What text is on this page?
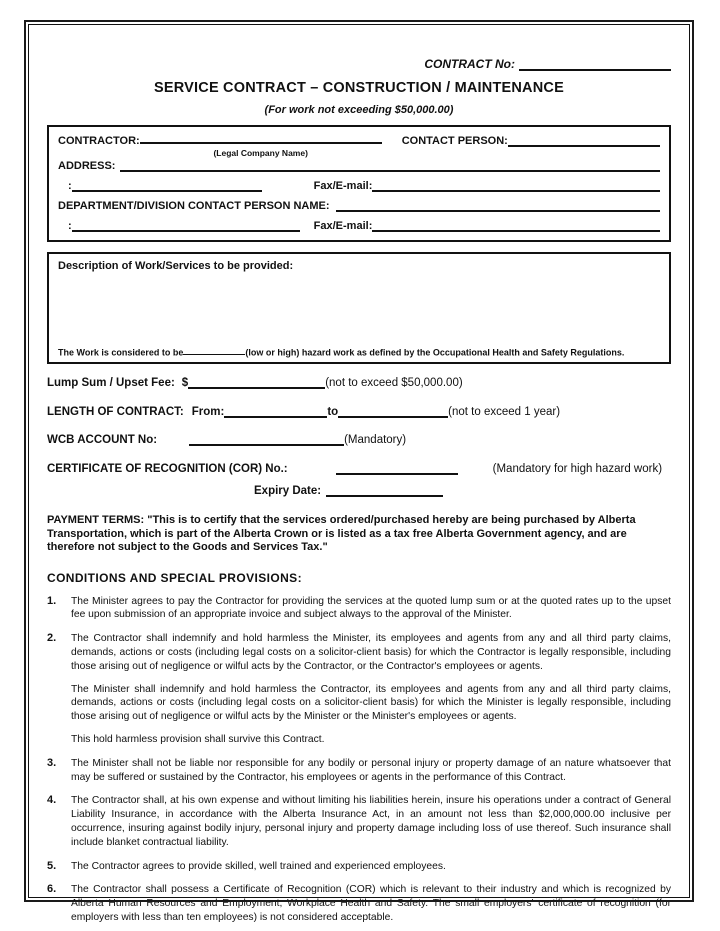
CONTRACT No:
SERVICE CONTRACT – CONSTRUCTION / MAINTENANCE
(For work not exceeding $50,000.00)
CONTRACTOR:
(Legal Company Name)
CONTACT PERSON:
ADDRESS:
:	Fax/E-mail:
DEPARTMENT/DIVISION CONTACT PERSON NAME:
:	Fax/E-mail:
Description of Work/Services to be provided:
The Work is considered to be	(low or high) hazard work as defined by the Occupational Health and Safety Regulations.
Lump Sum / Upset Fee: $	(not to exceed $50,000.00)
LENGTH OF CONTRACT: From:	to	(not to exceed 1 year)
WCB ACCOUNT No:	(Mandatory)
CERTIFICATE OF RECOGNITION (COR) No.:	(Mandatory for high hazard work)
Expiry Date:
PAYMENT TERMS: "This is to certify that the services ordered/purchased hereby are being purchased by Alberta Transportation, which is part of the Alberta Crown or is listed as a tax free Alberta Government agency, and are therefore not subject to the Goods and Services Tax."
CONDITIONS AND SPECIAL PROVISIONS:
1.	The Minister agrees to pay the Contractor for providing the services at the quoted lump sum or at the quoted rates up to the upset fee upon submission of an appropriate invoice and subject always to the approval of the Minister.
2.	The Contractor shall indemnify and hold harmless the Minister, its employees and agents from any and all third party claims, demands, actions or costs (including legal costs on a solicitor-client basis) for which the Contractor is legally responsible, including those arising out of negligence or wilful acts by the Contractor, or the Contractor's employees or agents.
The Minister shall indemnify and hold harmless the Contractor, its employees and agents from any and all third party claims, demands, actions or costs (including legal costs on a solicitor-client basis) for which the Minister is legally responsible, including those arising out of negligence or wilful acts by the Minister or the Minister's employees or agents.
This hold harmless provision shall survive this Contract.
3.	The Minister shall not be liable nor responsible for any bodily or personal injury or property damage of an nature whatsoever that may be suffered or sustained by the Contractor, his employees or agents in the performance of this Contract.
4.	The Contractor shall, at his own expense and without limiting his liabilities herein, insure his operations under a contract of General Liability Insurance, in accordance with the Alberta Insurance Act, in an amount not less than $2,000,000.00 inclusive per occurrence, insuring against bodily injury, personal injury and property damage including loss of use thereof. Such insurance shall include blanket contractual liability.
5.	The Contractor agrees to provide skilled, well trained and experienced employees.
6.	The Contractor shall possess a Certificate of Recognition (COR) which is relevant to their industry and which is recognized by Alberta Human Resources and Employment, Workplace Health and Safety. The small employers' certificate of recognition (for employers with less than ten employees) is not considered acceptable.
